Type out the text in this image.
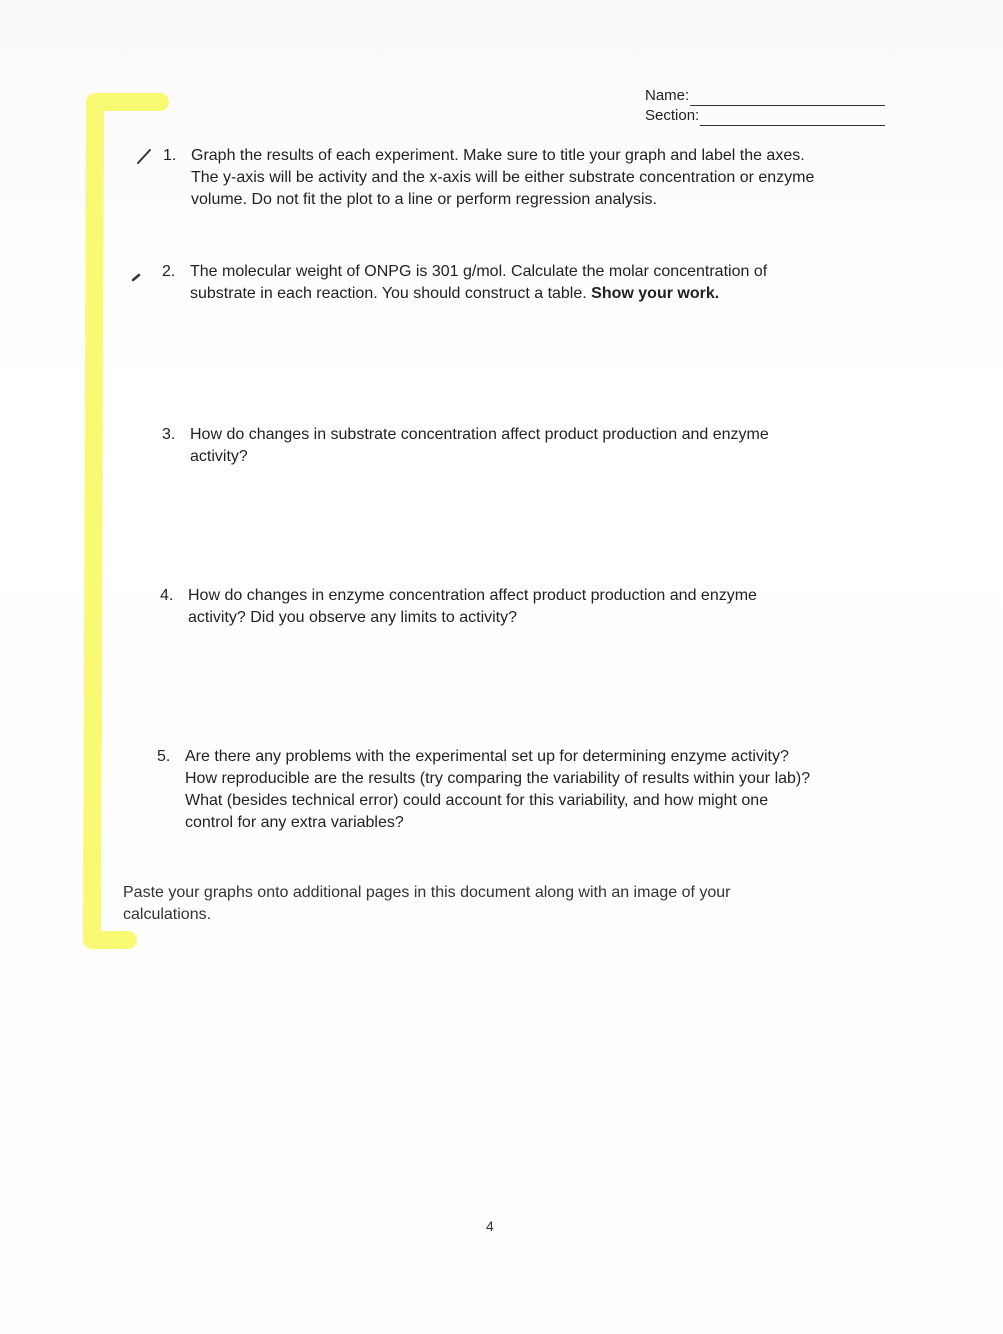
Name:
Section:
1. Graph the results of each experiment. Make sure to title your graph and label the axes.
The y-axis will be activity and the x-axis will be either substrate concentration or enzyme
volume. Do not fit the plot to a line or perform regression analysis.
2. The molecular weight of ONPG is 301 g/mol. Calculate the molar concentration of
substrate in each reaction. You should construct a table. Show your work.
3. How do changes in substrate concentration affect product production and enzyme
activity?
4. How do changes in enzyme concentration affect product production and enzyme
activity? Did you observe any limits to activity?
5. Are there any problems with the experimental set up for determining enzyme activity?
How reproducible are the results (try comparing the variability of results within your lab)?
What (besides technical error) could account for this variability, and how might one
control for any extra variables?
Paste your graphs onto additional pages in this document along with an image of your
calculations.
4
